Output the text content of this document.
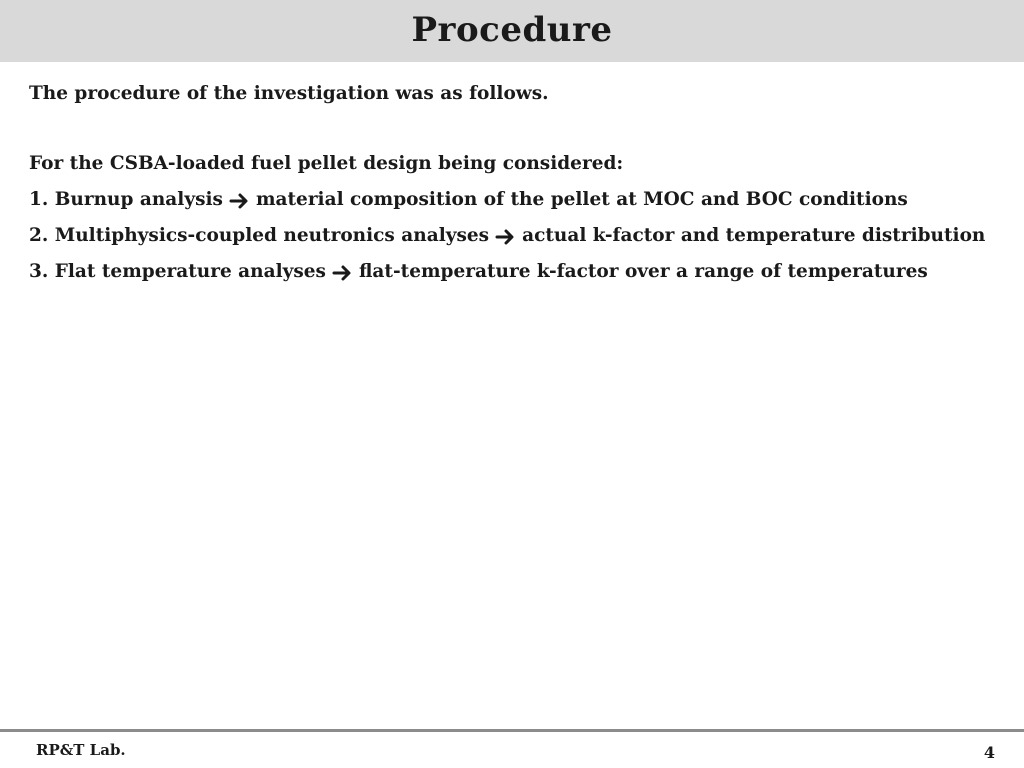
Procedure

The procedure of the investigation was as follows.

For the CSBA-loaded fuel pellet design being considered:

1. Burnup analysis material composition of the pellet at MOC and BOC conditions
2. Multiphysics-coupled neutronics analyses actual k-factor and temperature distribution
3. Flat temperature analyses flat-temperature k-factor over a range of temperatures
RP&T Lab.	4
